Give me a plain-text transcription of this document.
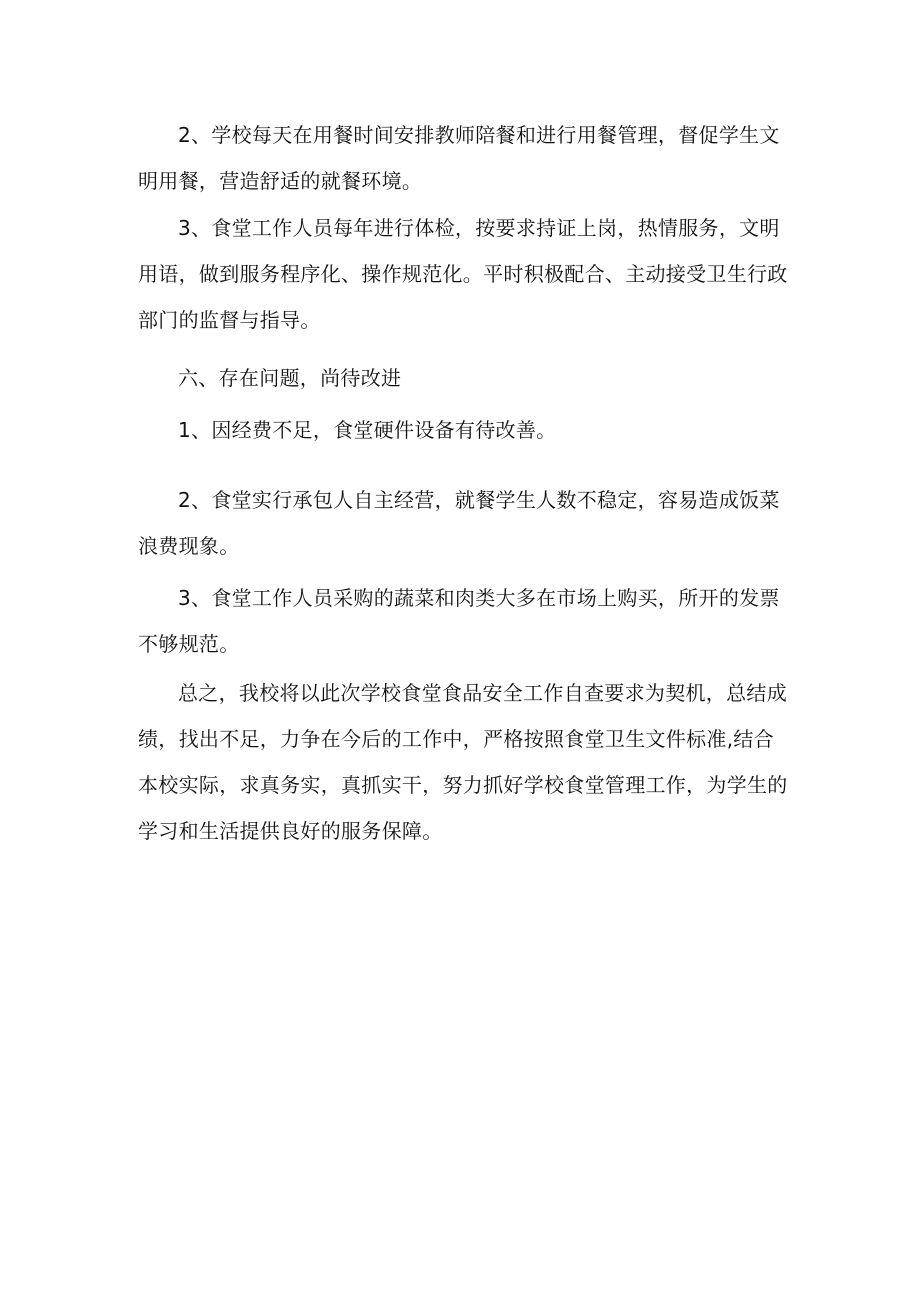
2、学校每天在用餐时间安排教师陪餐和进行用餐管理，督促学生文明用餐，营造舒适的就餐环境。

3、食堂工作人员每年进行体检，按要求持证上岗，热情服务，文明用语，做到服务程序化、操作规范化。平时积极配合、主动接受卫生行政部门的监督与指导。

六、存在问题，尚待改进

1、因经费不足，食堂硬件设备有待改善。

2、食堂实行承包人自主经营，就餐学生人数不稳定，容易造成饭菜浪费现象。

3、食堂工作人员采购的蔬菜和肉类大多在市场上购买，所开的发票不够规范。

总之，我校将以此次学校食堂食品安全工作自查要求为契机，总结成绩，找出不足，力争在今后的工作中，严格按照食堂卫生文件标准,结合本校实际，求真务实，真抓实干，努力抓好学校食堂管理工作，为学生的学习和生活提供良好的服务保障。
